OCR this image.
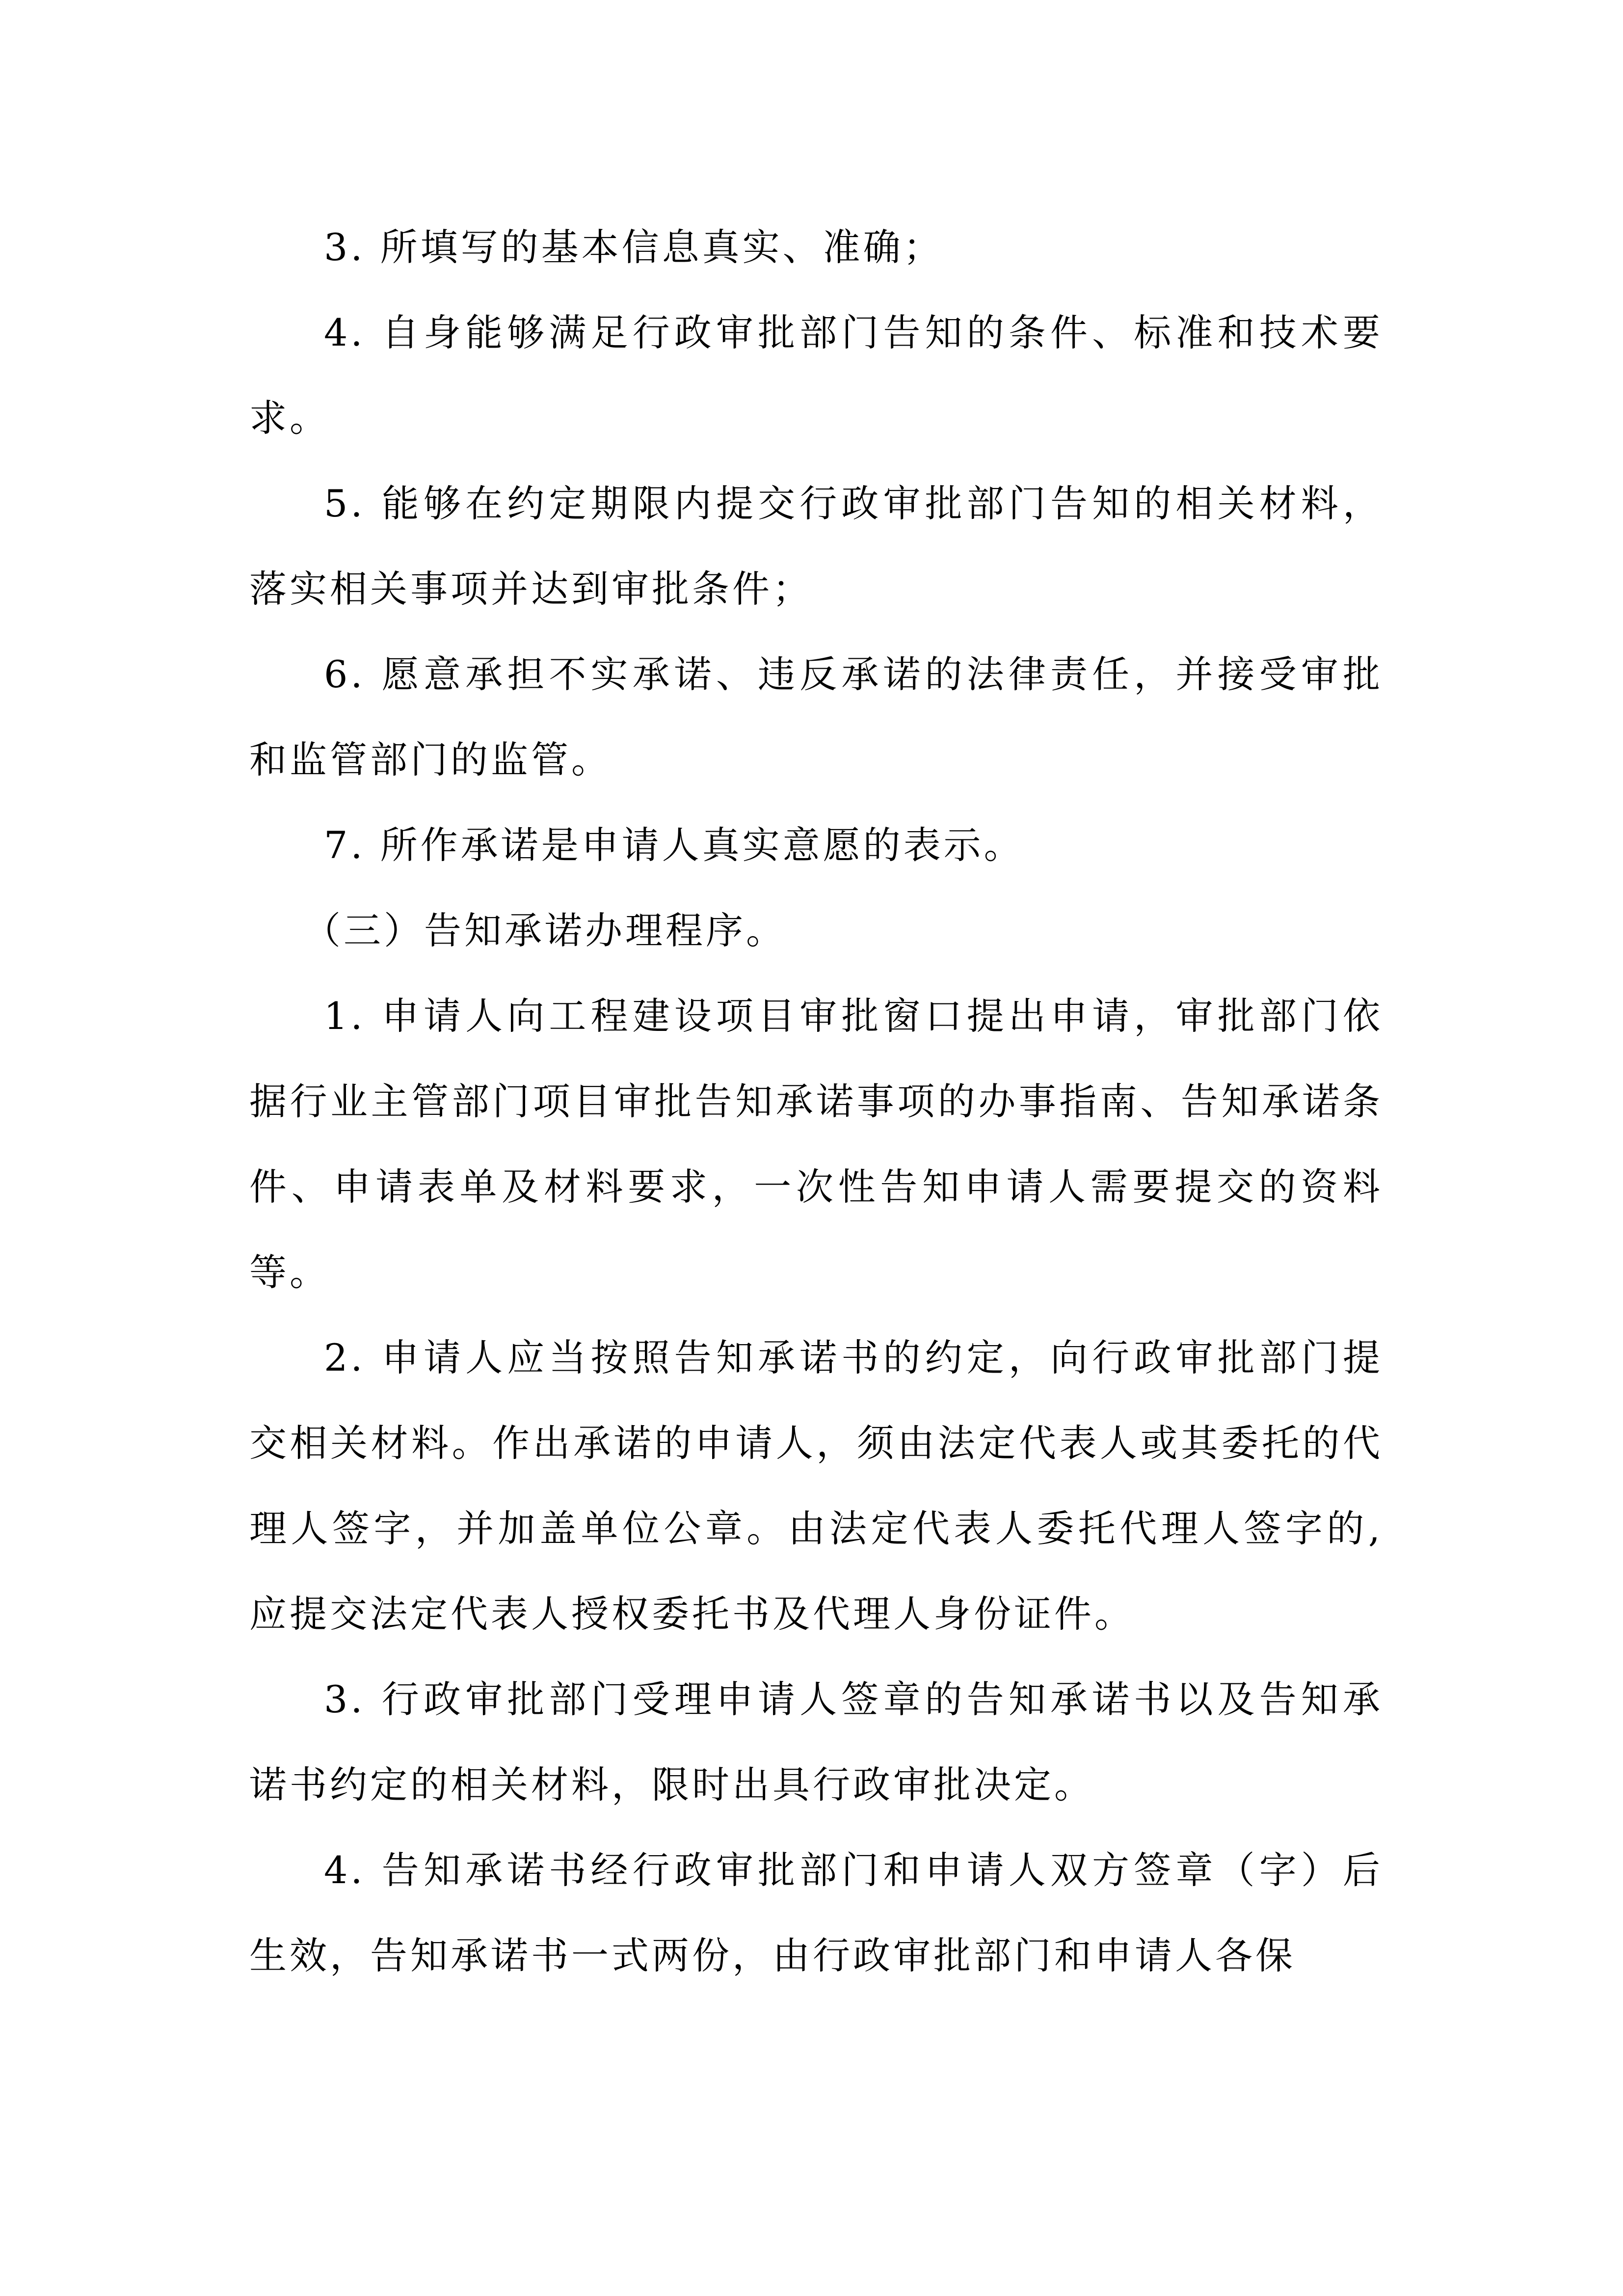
3. 所填写的基本信息真实、准确；

4. 自身能够满足行政审批部门告知的条件、标准和技术要求。

5. 能够在约定期限内提交行政审批部门告知的相关材料，落实相关事项并达到审批条件；

6. 愿意承担不实承诺、违反承诺的法律责任，并接受审批和监管部门的监管。

7. 所作承诺是申请人真实意愿的表示。

（三）告知承诺办理程序。

1. 申请人向工程建设项目审批窗口提出申请，审批部门依据行业主管部门项目审批告知承诺事项的办事指南、告知承诺条件、申请表单及材料要求，一次性告知申请人需要提交的资料等。

2. 申请人应当按照告知承诺书的约定，向行政审批部门提交相关材料。作出承诺的申请人，须由法定代表人或其委托的代理人签字，并加盖单位公章。由法定代表人委托代理人签字的,应提交法定代表人授权委托书及代理人身份证件。

3. 行政审批部门受理申请人签章的告知承诺书以及告知承诺书约定的相关材料，限时出具行政审批决定。

4. 告知承诺书经行政审批部门和申请人双方签章（字）后生效，告知承诺书一式两份，由行政审批部门和申请人各保
